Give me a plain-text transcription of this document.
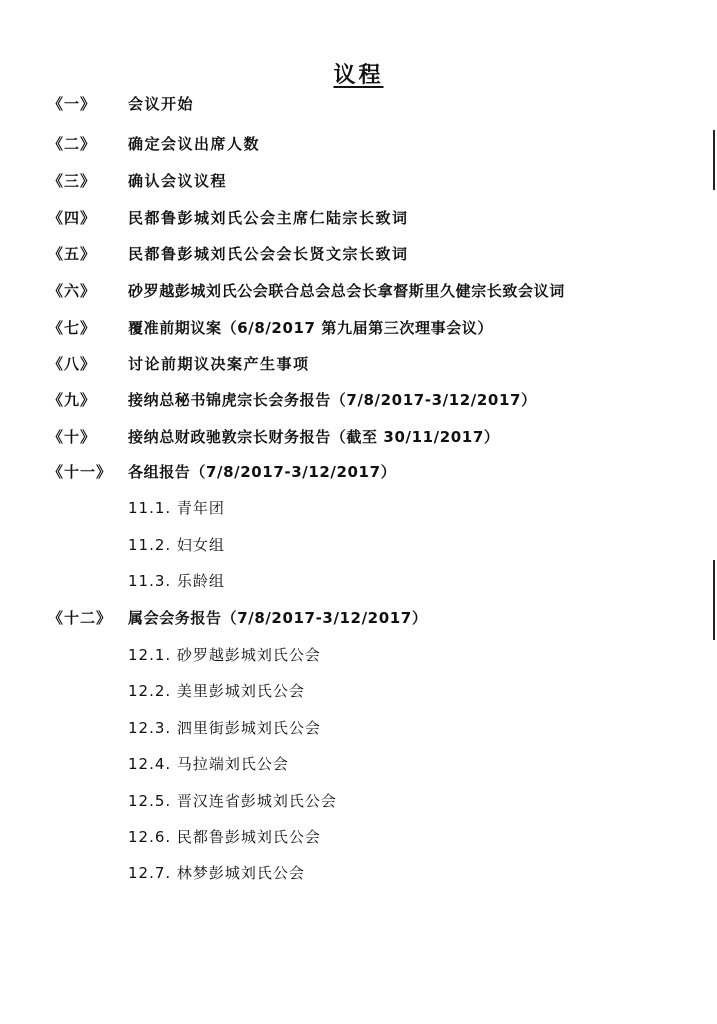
议程
《一》	会议开始
《二》	确定会议出席人数
《三》	确认会议议程
《四》	民都鲁彭城刘氏公会主席仁陆宗长致词
《五》	民都鲁彭城刘氏公会会长贤文宗长致词
《六》	砂罗越彭城刘氏公会联合总会总会长拿督斯里久健宗长致会议词
《七》	覆准前期议案（6/8/2017 第九届第三次理事会议）
《八》	讨论前期议决案产生事项
《九》	接纳总秘书锦虎宗长会务报告（7/8/2017-3/12/2017）
《十》	接纳总财政驰敦宗长财务报告（截至 30/11/2017）
《十一》	各组报告（7/8/2017-3/12/2017）
11.1. 青年团
11.2. 妇女组
11.3. 乐龄组
《十二》	属会会务报告（7/8/2017-3/12/2017）
12.1. 砂罗越彭城刘氏公会
12.2. 美里彭城刘氏公会
12.3. 泗里街彭城刘氏公会
12.4. 马拉端刘氏公会
12.5. 晋汉连省彭城刘氏公会
12.6. 民都鲁彭城刘氏公会
12.7. 林梦彭城刘氏公会
